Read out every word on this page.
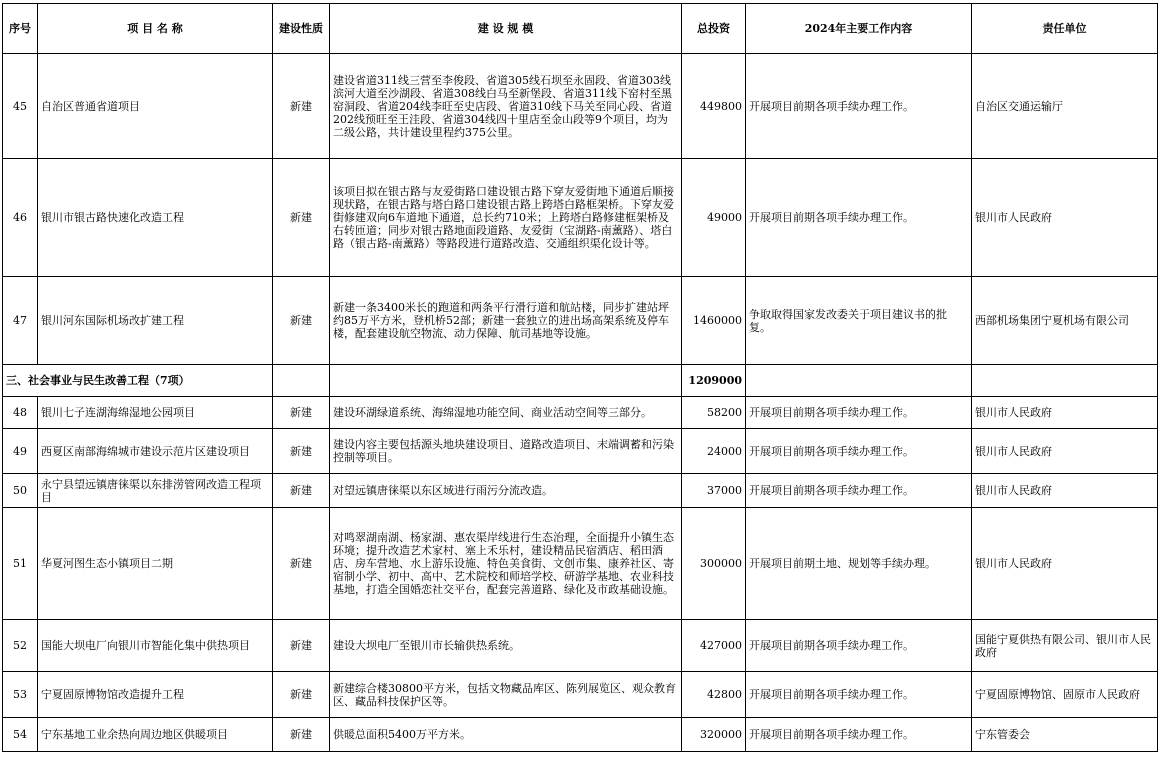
序号	项 目 名 称	建设性质	建 设 规 模	总投资	2024年主要工作内容	责任单位
45	自治区普通省道项目	新建	建设省道311线三营至李俊段、省道305线石坝至永固段、省道303线滨河大道至沙湖段、省道308线白马至新堡段、省道311线下窑村至黑窑洞段、省道204线李旺至史店段、省道310线下马关至同心段、省道202线预旺至王洼段、省道304线四十里店至金山段等9个项目，均为二级公路，共计建设里程约375公里。	449800	开展项目前期各项手续办理工作。	自治区交通运输厅
46	银川市银古路快速化改造工程	新建	该项目拟在银古路与友爱街路口建设银古路下穿友爱街地下通道后顺接现状路，在银古路与塔白路口建设银古路上跨塔白路框架桥。下穿友爱街修建双向6车道地下通道，总长约710米；上跨塔白路修建框架桥及右转匝道；同步对银古路地面段道路、友爱街（宝湖路-南薰路）、塔白路（银古路-南薰路）等路段进行道路改造、交通组织渠化设计等。	49000	开展项目前期各项手续办理工作。	银川市人民政府
47	银川河东国际机场改扩建工程	新建	新建一条3400米长的跑道和两条平行滑行道和航站楼，同步扩建站坪约85万平方米，登机桥52部；新建一套独立的进出场高架系统及停车楼，配套建设航空物流、动力保障、航司基地等设施。	1460000	争取取得国家发改委关于项目建议书的批复。	西部机场集团宁夏机场有限公司
三、社会事业与民生改善工程（7项）				1209000		
48	银川七子连湖海绵湿地公园项目	新建	建设环湖绿道系统、海绵湿地功能空间、商业活动空间等三部分。	58200	开展项目前期各项手续办理工作。	银川市人民政府
49	西夏区南部海绵城市建设示范片区建设项目	新建	建设内容主要包括源头地块建设项目、道路改造项目、末端调蓄和污染控制等项目。	24000	开展项目前期各项手续办理工作。	银川市人民政府
50	永宁县望远镇唐徕渠以东排涝管网改造工程项目	新建	对望远镇唐徕渠以东区域进行雨污分流改造。	37000	开展项目前期各项手续办理工作。	银川市人民政府
51	华夏河图生态小镇项目二期	新建	对鸣翠湖南湖、杨家湖、惠农渠岸线进行生态治理，全面提升小镇生态环境；提升改造艺术家村、塞上禾乐村，建设精品民宿酒店、稻田酒店、房车营地、水上游乐设施、特色美食街、文创市集、康养社区、寄宿制小学、初中、高中、艺术院校和师培学校、研游学基地、农业科技基地，打造全国婚恋社交平台，配套完善道路、绿化及市政基础设施。	300000	开展项目前期土地、规划等手续办理。	银川市人民政府
52	国能大坝电厂向银川市智能化集中供热项目	新建	建设大坝电厂至银川市长输供热系统。	427000	开展项目前期各项手续办理工作。	国能宁夏供热有限公司、银川市人民政府
53	宁夏固原博物馆改造提升工程	新建	新建综合楼30800平方米，包括文物藏品库区、陈列展览区、观众教育区、藏品科技保护区等。	42800	开展项目前期各项手续办理工作。	宁夏固原博物馆、固原市人民政府
54	宁东基地工业余热向周边地区供暖项目	新建	供暖总面积5400万平方米。	320000	开展项目前期各项手续办理工作。	宁东管委会
